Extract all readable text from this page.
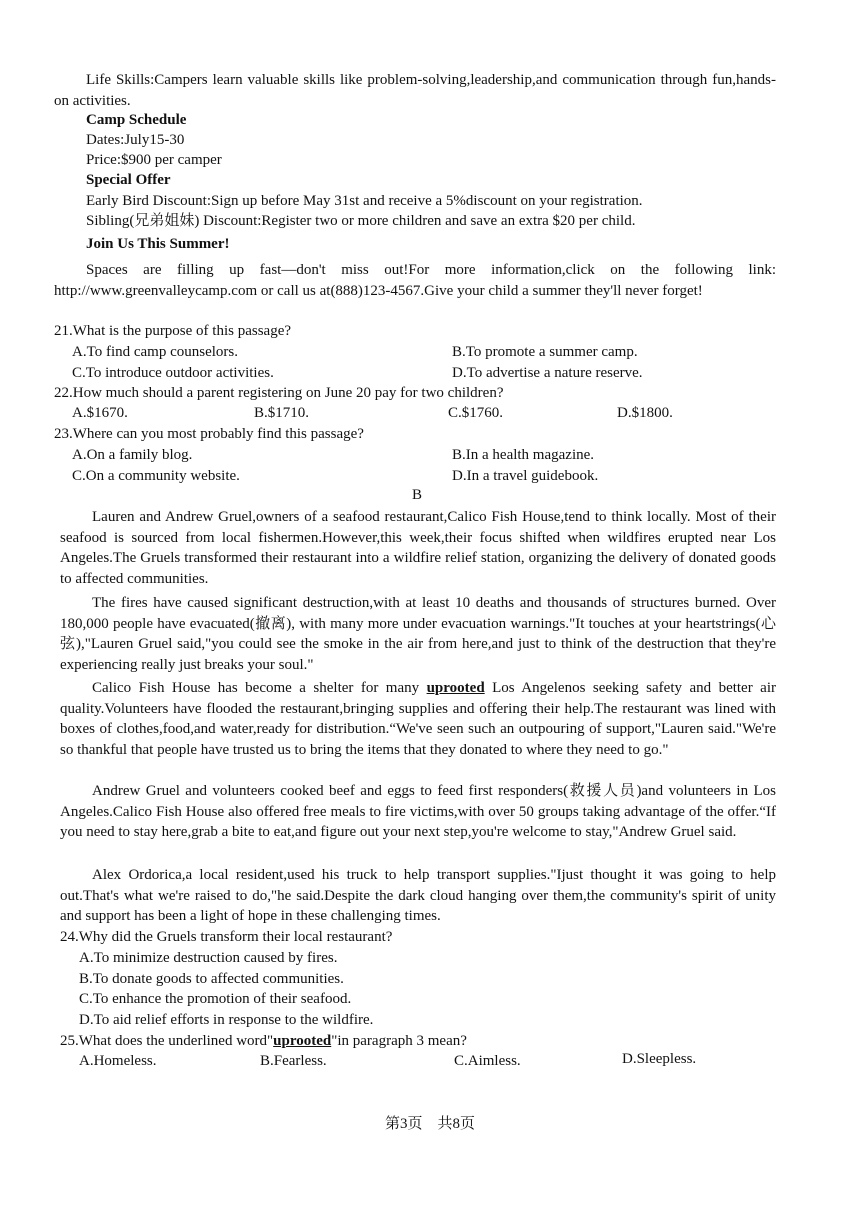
Life Skills:Campers learn valuable skills like problem-solving,leadership,and communication through fun,hands-on activities.
Camp Schedule
Dates:July15-30
Price:$900 per camper
Special Offer
Early Bird Discount:Sign up before May 31st and receive a 5%discount on your registration.
Sibling(兄弟姐妹) Discount:Register two or more children and save an extra $20 per child.
Join Us This Summer!
Spaces are filling up fast—don't miss out!For more information,click on the following link: http://www.greenvalleycamp.com or call us at(888)123-4567.Give your child a summer they'll never forget!
21.What is the purpose of this passage?
A.To find camp counselors.	B.To promote a summer camp.
C.To introduce outdoor activities.	D.To advertise a nature reserve.
22.How much should a parent registering on June 20 pay for two children?
A.$1670.	B.$1710.	C.$1760.	D.$1800.
23.Where can you most probably find this passage?
A.On a family blog.	B.In a health magazine.
C.On a community website.	D.In a travel guidebook.
B
Lauren and Andrew Gruel,owners of a seafood restaurant,Calico Fish House,tend to think locally. Most of their seafood is sourced from local fishermen.However,this week,their focus shifted when wildfires erupted near Los Angeles.The Gruels transformed their restaurant into a wildfire relief station, organizing the delivery of donated goods to affected communities.
The fires have caused significant destruction,with at least 10 deaths and thousands of structures burned. Over 180,000 people have evacuated(撤离), with many more under evacuation warnings."It touches at your heartstrings(心弦),"Lauren Gruel said,"you could see the smoke in the air from here,and just to think of the destruction that they're experiencing really just breaks your soul."
Calico Fish House has become a shelter for many uprooted Los Angelenos seeking safety and better air quality.Volunteers have flooded the restaurant,bringing supplies and offering their help.The restaurant was lined with boxes of clothes,food,and water,ready for distribution.“We've seen such an outpouring of support,"Lauren said."We're so thankful that people have trusted us to bring the items that they donated to where they need to go."
Andrew Gruel and volunteers cooked beef and eggs to feed first responders(救援人员)and volunteers in Los Angeles.Calico Fish House also offered free meals to fire victims,with over 50 groups taking advantage of the offer.“If you need to stay here,grab a bite to eat,and figure out your next step,you're welcome to stay,"Andrew Gruel said.
Alex Ordorica,a local resident,used his truck to help transport supplies."Ijust thought it was going to help out.That's what we're raised to do,"he said.Despite the dark cloud hanging over them,the community's spirit of unity and support has been a light of hope in these challenging times.
24.Why did the Gruels transform their local restaurant?
A.To minimize destruction caused by fires.
B.To donate goods to affected communities.
C.To enhance the promotion of their seafood.
D.To aid relief efforts in response to the wildfire.
25.What does the underlined word"uprooted"in paragraph 3 mean?
A.Homeless.	B.Fearless.	C.Aimless.	D.Sleepless.
第3页　共8页
